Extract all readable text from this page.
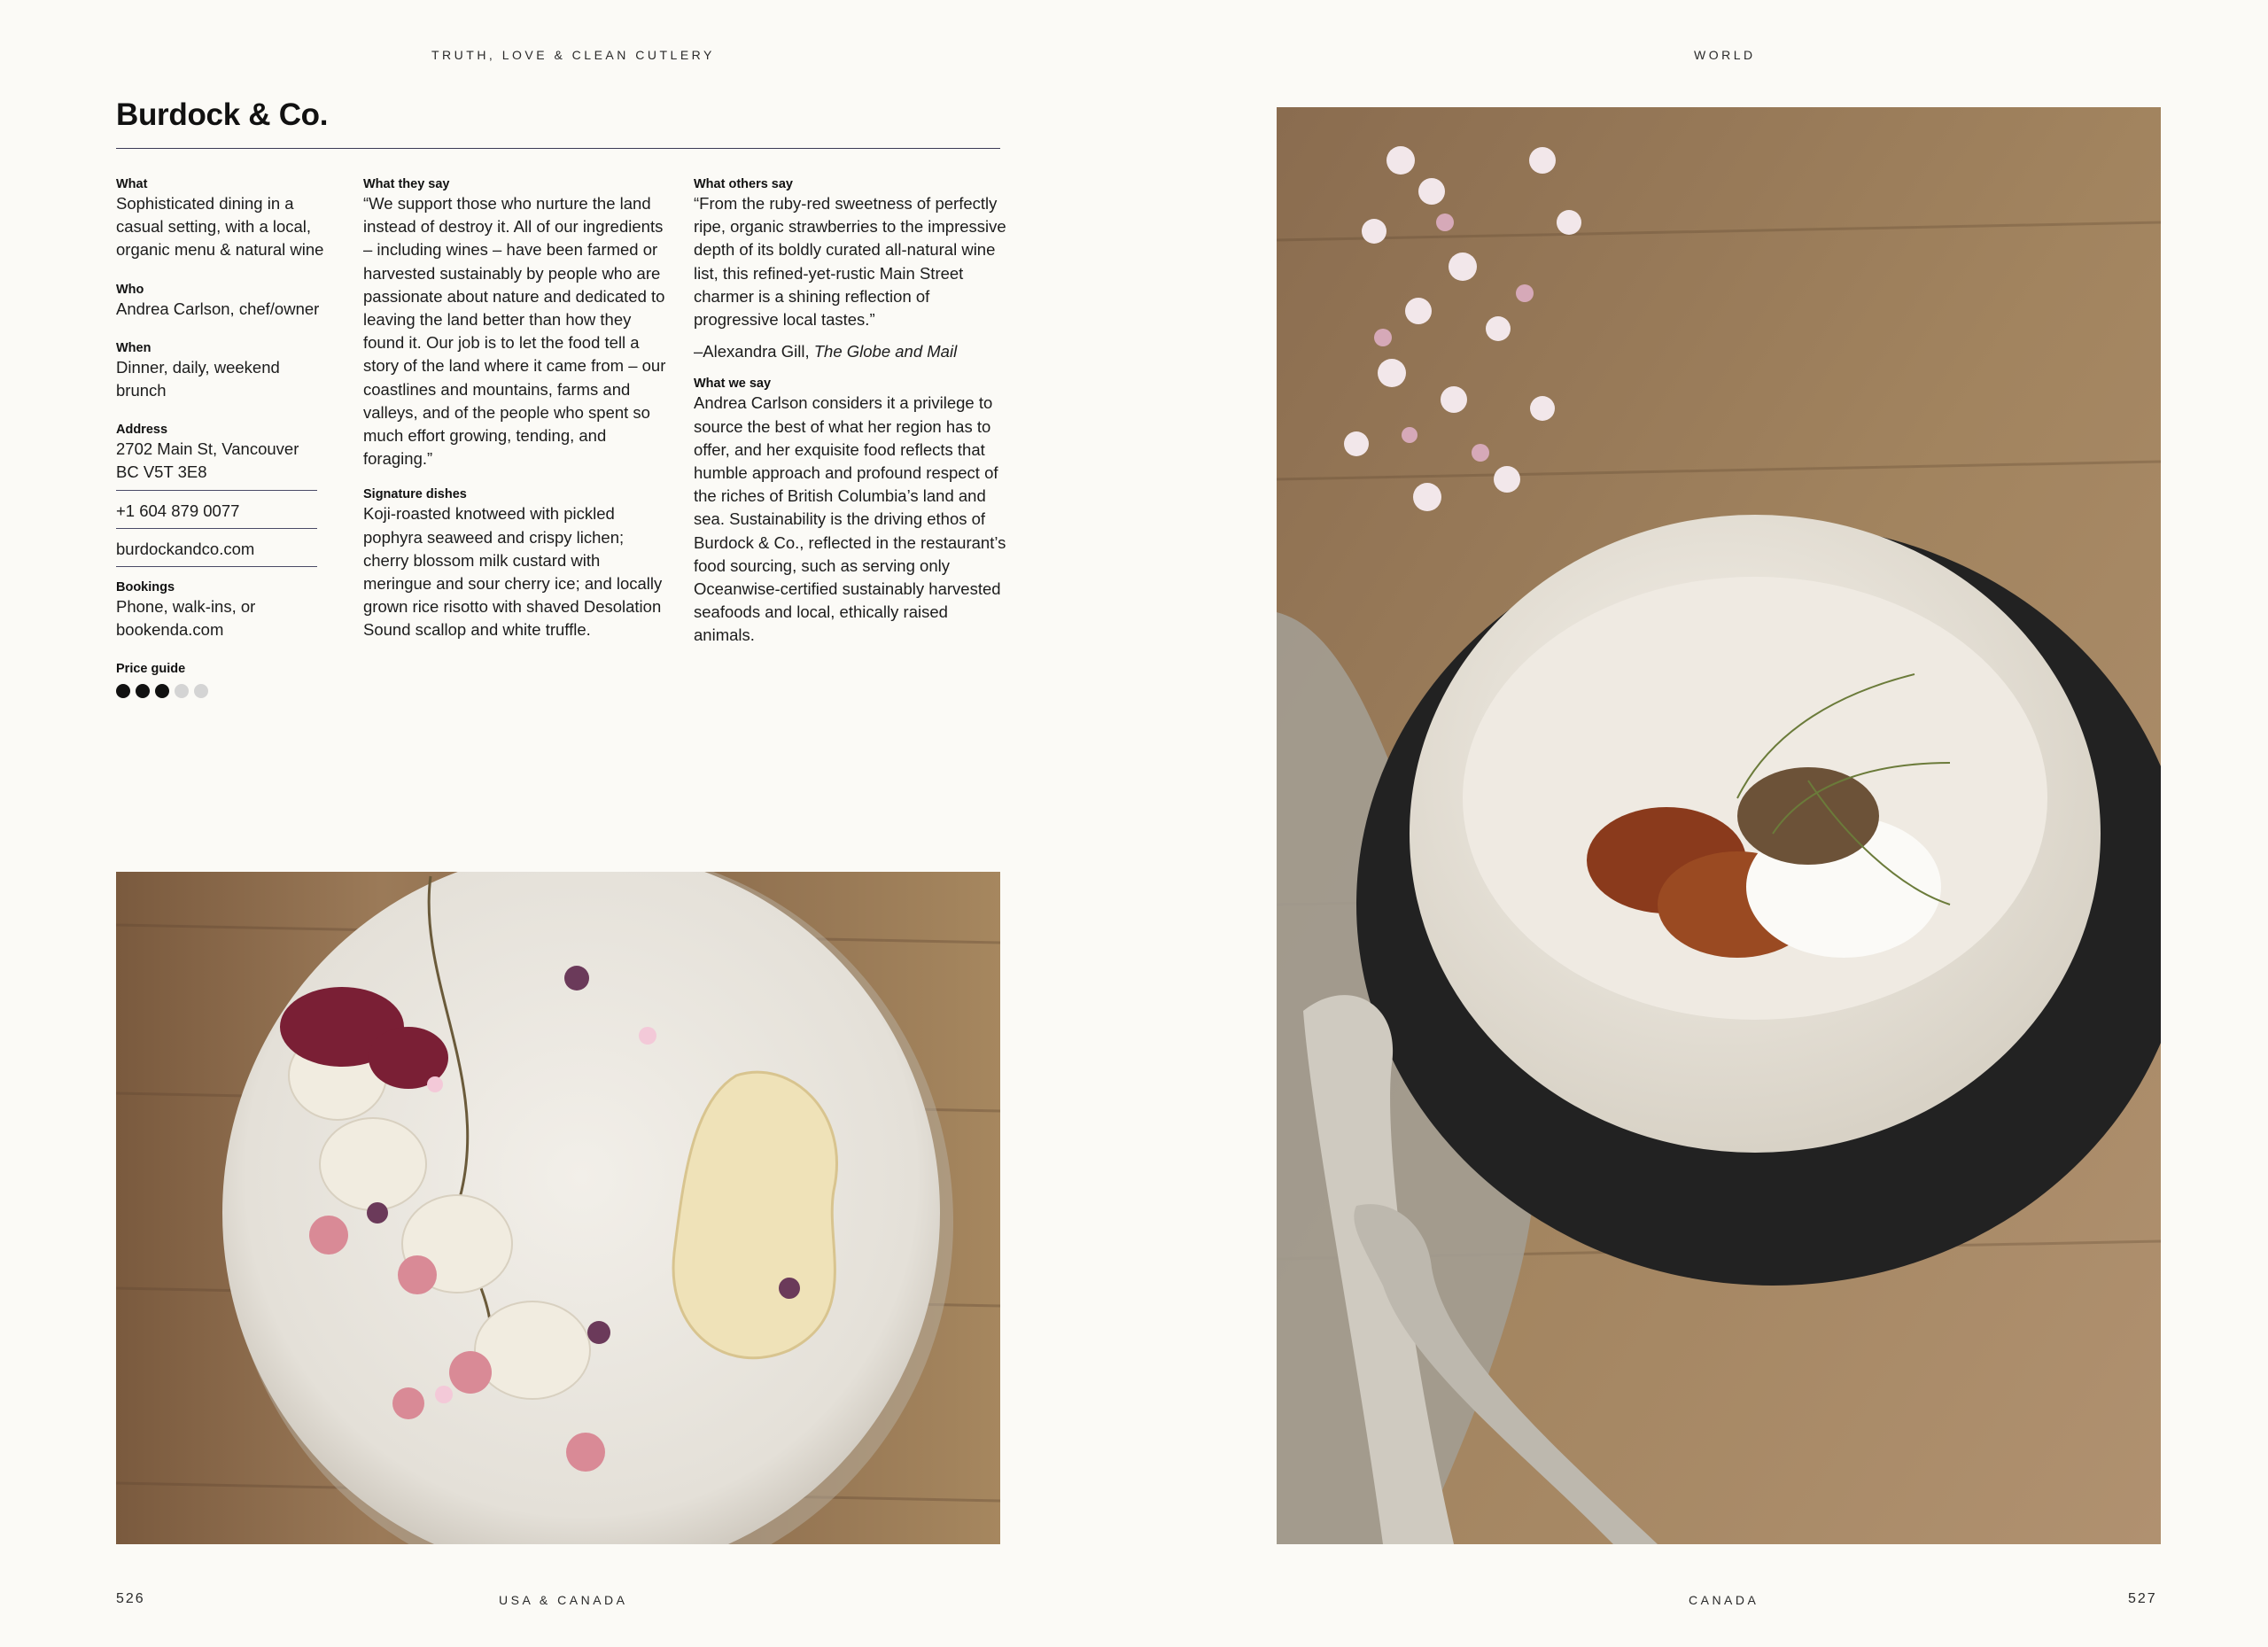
TRUTH, LOVE & CLEAN CUTLERY	WORLD
Burdock & Co.

What

Sophisticated dining in a casual setting, with a local, organic menu & natural wine

Who

Andrea Carlson, chef/owner

When

Dinner, daily, weekend brunch

Address

2702 Main St, Vancouver

BC V5T 3E8

+1 604 879 0077

burdockandco.com

Bookings

Phone, walk-ins, or bookenda.com

Price guide

What they say

“We support those who nurture the land instead of destroy it. All of our ingredients – including wines – have been farmed or harvested sustainably by people who are passionate about nature and dedicated to leaving the land better than how they found it. Our job is to let the food tell a story of the land where it came from – our coastlines and mountains, farms and valleys, and of the people who spent so much effort growing, tending, and foraging.”

Signature dishes

Koji-roasted knotweed with pickled pophyra seaweed and crispy lichen; cherry blossom milk custard with meringue and sour cherry ice; and locally grown rice risotto with shaved Desolation Sound scallop and white truffle.

What others say

“From the ruby-red sweetness of perfectly ripe, organic strawberries to the impressive depth of its boldly curated all-natural wine list, this refined-yet-rustic Main Street charmer is a shining reflection of progressive local tastes.”

–Alexandra Gill, The Globe and Mail

What we say

Andrea Carlson considers it a privilege to source the best of what her region has to offer, and her exquisite food reflects that humble approach and profound respect of the riches of British Columbia’s land and sea. Sustainability is the driving ethos of Burdock & Co., reflected in the restaurant’s food sourcing, such as serving only Oceanwise-certified sustainably harvested seafoods and local, ethically raised animals.

526	USA & CANADA	CANADA	527
